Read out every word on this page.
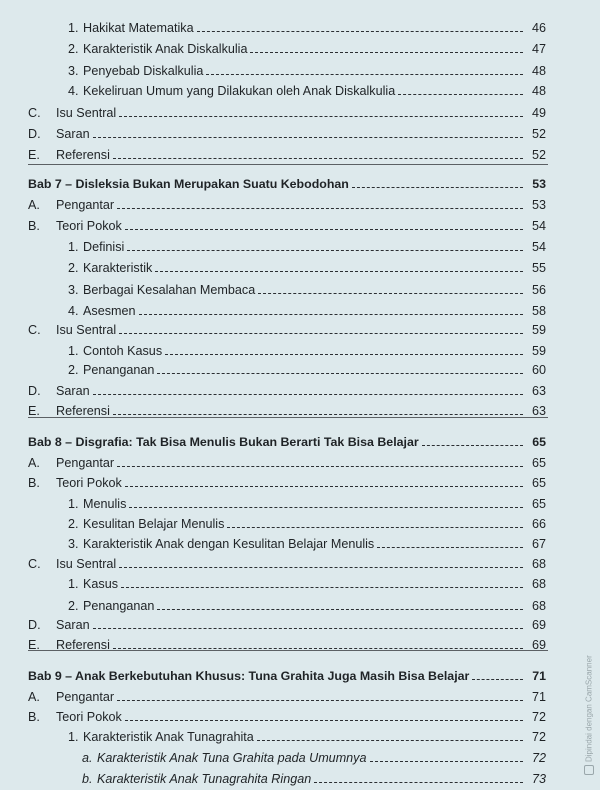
1. Hakikat Matematika	46
2. Karakteristik Anak Diskalkulia	47
3. Penyebab Diskalkulia	48
4. Kekeliruan Umum yang Dilakukan oleh Anak Diskalkulia	48
C.	Isu Sentral	49
D.	Saran	52
E.	Referensi	52
Bab 7 – Disleksia Bukan Merupakan Suatu Kebodohan	53
A.	Pengantar	53
B.	Teori Pokok	54
1. Definisi	54
2. Karakteristik	55
3. Berbagai Kesalahan Membaca	56
4. Asesmen	58
C.	Isu Sentral	59
1. Contoh Kasus	59
2. Penanganan	60
D.	Saran	63
E.	Referensi	63
Bab 8 – Disgrafia: Tak Bisa Menulis Bukan Berarti Tak Bisa Belajar	65
A.	Pengantar	65
B.	Teori Pokok	65
1. Menulis	65
2. Kesulitan Belajar Menulis	66
3. Karakteristik Anak dengan Kesulitan Belajar Menulis	67
C.	Isu Sentral	68
1. Kasus	68
2. Penanganan	68
D.	Saran	69
E.	Referensi	69
Bab 9 – Anak Berkebutuhan Khusus: Tuna Grahita Juga Masih Bisa Belajar	71
A.	Pengantar	71
B.	Teori Pokok	72
1. Karakteristik Anak Tunagrahita	72
a. Karakteristik Anak Tuna Grahita pada Umumnya	72
b. Karakteristik Anak Tunagrahita Ringan	73
Dipindai dengan CamScanner
